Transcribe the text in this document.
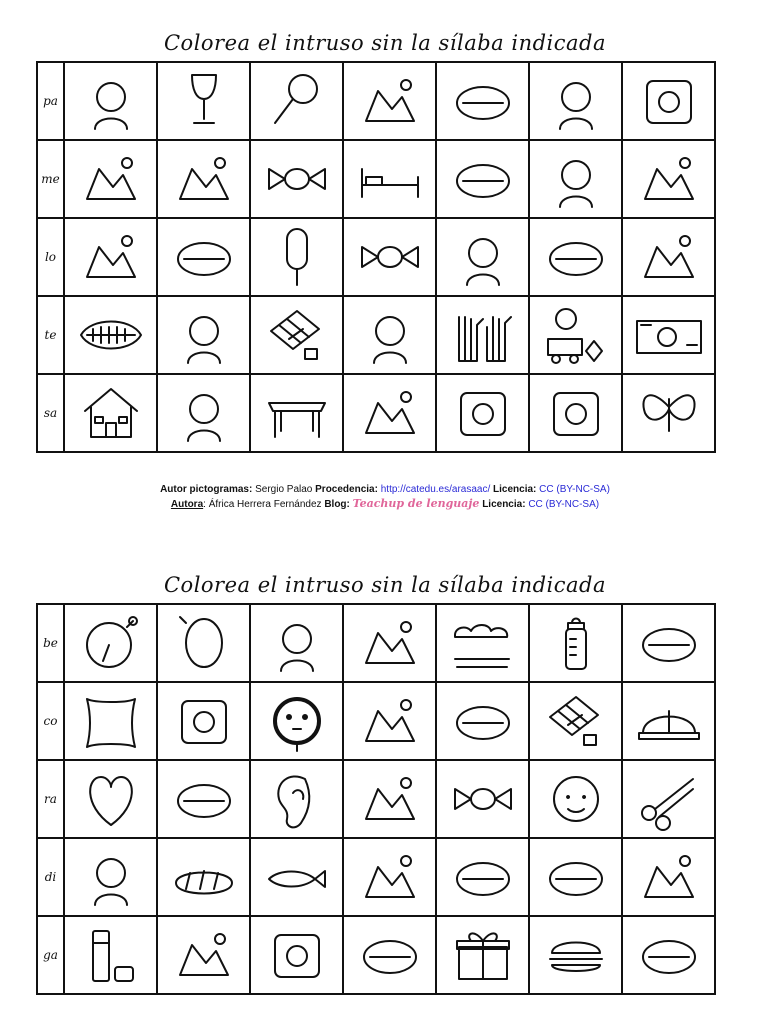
Colorea el intruso sin la sílaba indicada
pa	

me	

lo	

te	

sa	

Autor pictogramas: Sergio Palao Procedencia: http://catedu.es/arasaac/ Licencia: CC (BY-NC-SA)
Autora: África Herrera Fernández Blog: Teachup de lenguaje Licencia: CC (BY-NC-SA)
Colorea el intruso sin la sílaba indicada
be	

co	

ra	

di	

ga	
